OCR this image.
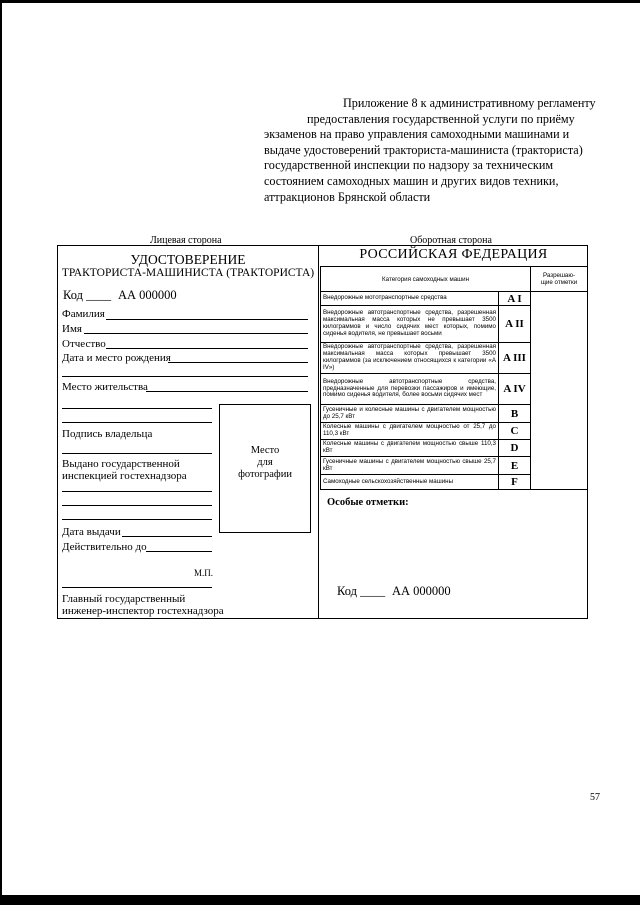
Приложение 8 к административному регламенту
предоставления государственной услуги по приёму
экзаменов на право управления самоходными машинами и
выдаче удостоверений тракториста-машиниста (тракториста)
государственной инспекции по надзору за техническим
состоянием самоходных машин и других видов техники,
аттракционов Брянской области
Лицевая сторона	Оборотная сторона
УДОСТОВЕРЕНИЕ
ТРАКТОРИСТА-МАШИНИСТА (ТРАКТОРИСТА)
Код ____ АА 000000
Фамилия
Имя
Отчество
Дата и место рождения
Место жительства
Подпись владельца
Выдано государственной
инспекцией гостехнадзора
Дата выдачи
Действительно до
Место
для
фотографии
М.П.
Главный государственный
инженер-инспектор гостехнадзора
РОССИЙСКАЯ ФЕДЕРАЦИЯ
Категория самоходных машин		Разрешаю-
щие отметки

Внедорожные мототранспортные средства	A I	
Внедорожные автотранспортные средства, разрешенная максимальная масса которых не превышает 3500 килограммов и число сидячих мест которых, помимо сиденья водителя, не превышает восьми	A II	
Внедорожные автотранспортные средства, разрешенная максимальная масса которых превышает 3500 килограммов (за исключением относящихся к категории «А IV»)	A III	
Внедорожные автотранспортные средства, предназначенные для перевозки пассажиров и имеющие, помимо сиденья водителя, более восьми сидячих мест	A IV	
Гусеничные и колесные машины с двигателем мощностью до 25,7 кВт	B	
Колесные машины с двигателем мощностью от 25,7 до 110,3 кВт	C	
Колесные машины с двигателем мощностью свыше 110,3 кВт	D	
Гусеничные машины с двигателем мощностью свыше 25,7 кВт	E	
Самоходные сельскохозяйственные машины	F	
Особые отметки:
Код ____ АА 000000
57
